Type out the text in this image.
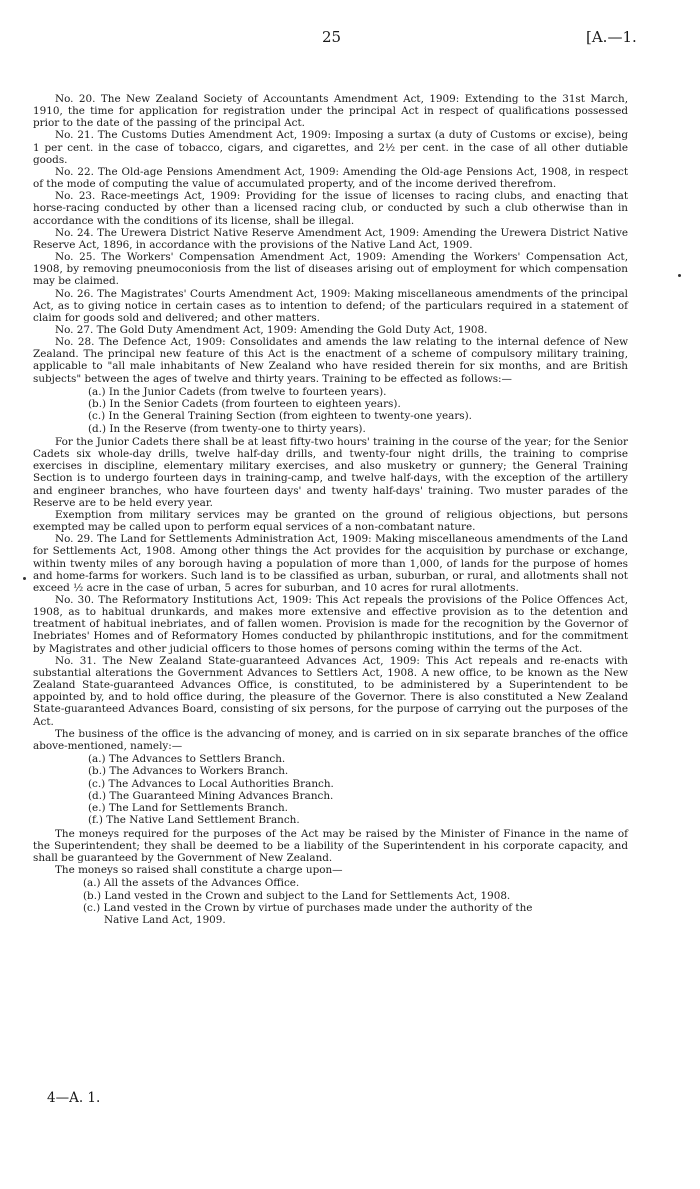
25	[A.—1.

No. 20. The New Zealand Society of Accountants Amendment Act, 1909: Extending to the 31st March, 1910, the time for application for registration under the principal Act in respect of qualifications possessed prior to the date of the passing of the principal Act.

No. 21. The Customs Duties Amendment Act, 1909: Imposing a surtax (a duty of Customs or excise), being 1 per cent. in the case of tobacco, cigars, and cigarettes, and 2½ per cent. in the case of all other dutiable goods.

No. 22. The Old-age Pensions Amendment Act, 1909: Amending the Old-age Pensions Act, 1908, in respect of the mode of computing the value of accumulated property, and of the income derived therefrom.

No. 23. Race-meetings Act, 1909: Providing for the issue of licenses to racing clubs, and enacting that horse-racing conducted by other than a licensed racing club, or conducted by such a club otherwise than in accordance with the conditions of its license, shall be illegal.

No. 24. The Urewera District Native Reserve Amendment Act, 1909: Amending the Urewera District Native Reserve Act, 1896, in accordance with the provisions of the Native Land Act, 1909.

No. 25. The Workers' Compensation Amendment Act, 1909: Amending the Workers' Compensation Act, 1908, by removing pneumoconiosis from the list of diseases arising out of employment for which compensation may be claimed.

No. 26. The Magistrates' Courts Amendment Act, 1909: Making miscellaneous amendments of the principal Act, as to giving notice in certain cases as to intention to defend; of the particulars required in a statement of claim for goods sold and delivered; and other matters.

No. 27. The Gold Duty Amendment Act, 1909: Amending the Gold Duty Act, 1908.

No. 28. The Defence Act, 1909: Consolidates and amends the law relating to the internal defence of New Zealand. The principal new feature of this Act is the enactment of a scheme of compulsory military training, applicable to "all male inhabitants of New Zealand who have resided therein for six months, and are British subjects" between the ages of twelve and thirty years. Training to be effected as follows:—

(a.) In the Junior Cadets (from twelve to fourteen years).

(b.) In the Senior Cadets (from fourteen to eighteen years).

(c.) In the General Training Section (from eighteen to twenty-one years).

(d.) In the Reserve (from twenty-one to thirty years).

For the Junior Cadets there shall be at least fifty-two hours' training in the course of the year; for the Senior Cadets six whole-day drills, twelve half-day drills, and twenty-four night drills, the training to comprise exercises in discipline, elementary military exercises, and also musketry or gunnery; the General Training Section is to undergo fourteen days in training-camp, and twelve half-days, with the exception of the artillery and engineer branches, who have fourteen days' and twenty half-days' training. Two muster parades of the Reserve are to be held every year.

Exemption from military services may be granted on the ground of religious objections, but persons exempted may be called upon to perform equal services of a non-combatant nature.

No. 29. The Land for Settlements Administration Act, 1909: Making miscellaneous amendments of the Land for Settlements Act, 1908. Among other things the Act provides for the acquisition by purchase or exchange, within twenty miles of any borough having a population of more than 1,000, of lands for the purpose of homes and home-farms for workers. Such land is to be classified as urban, suburban, or rural, and allotments shall not exceed ½ acre in the case of urban, 5 acres for suburban, and 10 acres for rural allotments.

No. 30. The Reformatory Institutions Act, 1909: This Act repeals the provisions of the Police Offences Act, 1908, as to habitual drunkards, and makes more extensive and effective provision as to the detention and treatment of habitual inebriates, and of fallen women. Provision is made for the recognition by the Governor of Inebriates' Homes and of Reformatory Homes conducted by philanthropic institutions, and for the commitment by Magistrates and other judicial officers to those homes of persons coming within the terms of the Act.

No. 31. The New Zealand State-guaranteed Advances Act, 1909: This Act repeals and re-enacts with substantial alterations the Government Advances to Settlers Act, 1908. A new office, to be known as the New Zealand State-guaranteed Advances Office, is constituted, to be administered by a Superintendent to be appointed by, and to hold office during, the pleasure of the Governor. There is also constituted a New Zealand State-guaranteed Advances Board, consisting of six persons, for the purpose of carrying out the purposes of the Act.

The business of the office is the advancing of money, and is carried on in six separate branches of the office above-mentioned, namely:—

(a.) The Advances to Settlers Branch.

(b.) The Advances to Workers Branch.

(c.) The Advances to Local Authorities Branch.

(d.) The Guaranteed Mining Advances Branch.

(e.) The Land for Settlements Branch.

(f.) The Native Land Settlement Branch.

The moneys required for the purposes of the Act may be raised by the Minister of Finance in the name of the Superintendent; they shall be deemed to be a liability of the Superintendent in his corporate capacity, and shall be guaranteed by the Government of New Zealand.

The moneys so raised shall constitute a charge upon—

(a.) All the assets of the Advances Office.

(b.) Land vested in the Crown and subject to the Land for Settlements Act, 1908.

(c.) Land vested in the Crown by virtue of purchases made under the authority of the

Native Land Act, 1909.

4—A. 1.
